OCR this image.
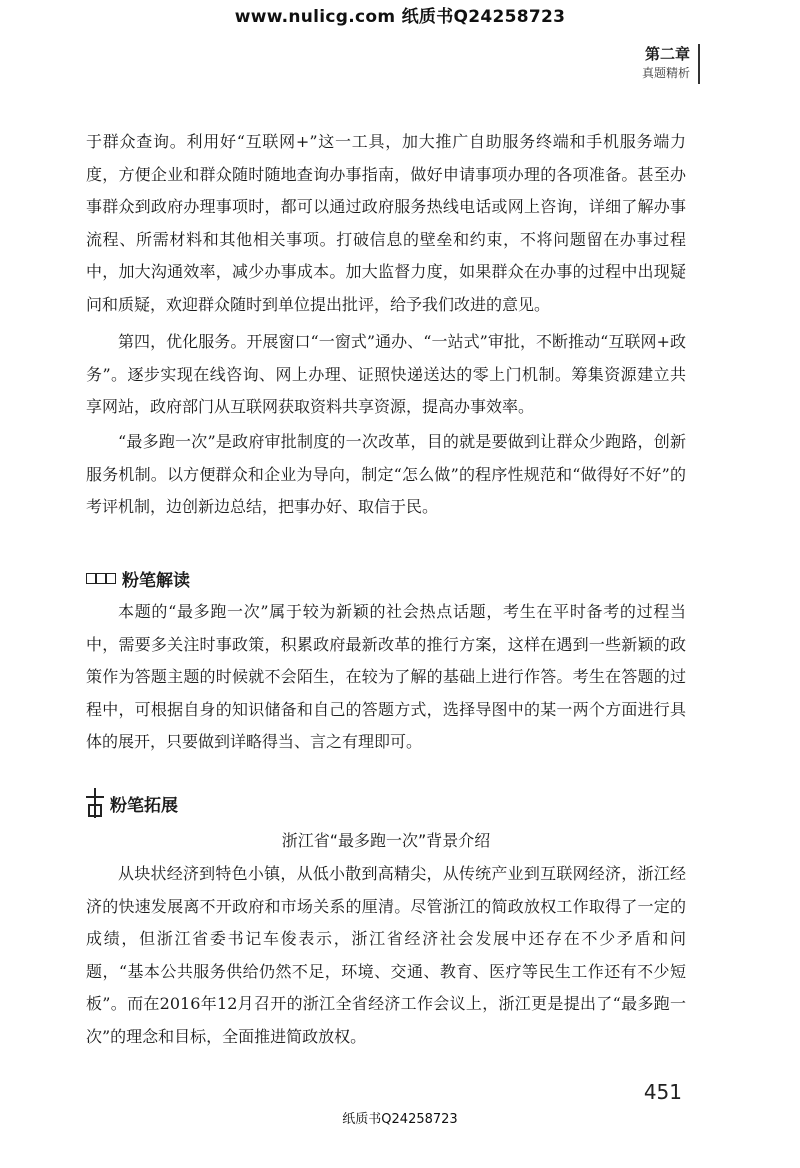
www.nulicg.com 纸质书Q24258723
第二章
真题精析

于群众查询。利用好“互联网+”这一工具，加大推广自助服务终端和手机服务端力度，方便企业和群众随时随地查询办事指南，做好申请事项办理的各项准备。甚至办事群众到政府办理事项时，都可以通过政府服务热线电话或网上咨询，详细了解办事流程、所需材料和其他相关事项。打破信息的壁垒和约束，不将问题留在办事过程中，加大沟通效率，减少办事成本。加大监督力度，如果群众在办事的过程中出现疑问和质疑，欢迎群众随时到单位提出批评，给予我们改进的意见。

第四，优化服务。开展窗口“一窗式”通办、“一站式”审批，不断推动“互联网+政务”。逐步实现在线咨询、网上办理、证照快递送达的零上门机制。筹集资源建立共享网站，政府部门从互联网获取资料共享资源，提高办事效率。

“最多跑一次”是政府审批制度的一次改革，目的就是要做到让群众少跑路，创新服务机制。以方便群众和企业为导向，制定“怎么做”的程序性规范和“做得好不好”的考评机制，边创新边总结，把事办好、取信于民。

粉笔解读

本题的“最多跑一次”属于较为新颖的社会热点话题，考生在平时备考的过程当中，需要多关注时事政策，积累政府最新改革的推行方案，这样在遇到一些新颖的政策作为答题主题的时候就不会陌生，在较为了解的基础上进行作答。考生在答题的过程中，可根据自身的知识储备和自己的答题方式，选择导图中的某一两个方面进行具体的展开，只要做到详略得当、言之有理即可。

粉笔拓展
浙江省“最多跑一次”背景介绍

从块状经济到特色小镇，从低小散到高精尖，从传统产业到互联网经济，浙江经济的快速发展离不开政府和市场关系的厘清。尽管浙江的简政放权工作取得了一定的成绩，但浙江省委书记车俊表示，浙江省经济社会发展中还存在不少矛盾和问题，“基本公共服务供给仍然不足，环境、交通、教育、医疗等民生工作还有不少短板”。而在2016年12月召开的浙江全省经济工作会议上，浙江更是提出了“最多跑一次”的理念和目标，全面推进简政放权。

451
纸质书Q24258723
